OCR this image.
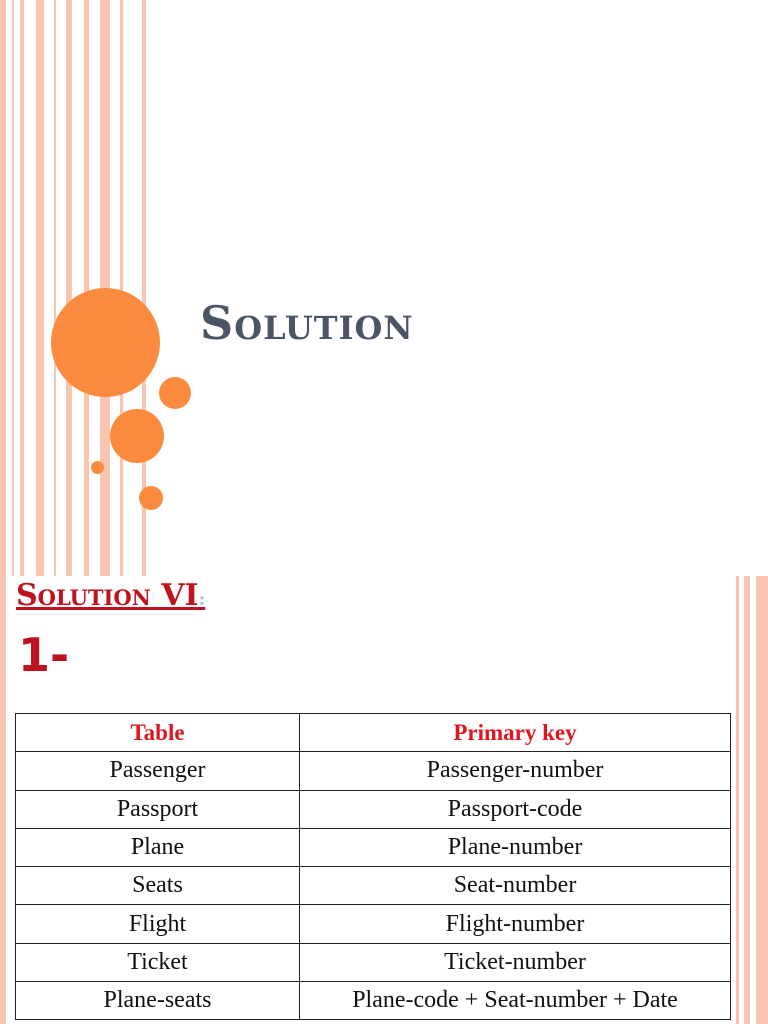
Solution
Solution VI:
1-
Table	Primary key
Passenger	Passenger-number
Passport	Passport-code
Plane	Plane-number
Seats	Seat-number
Flight	Flight-number
Ticket	Ticket-number
Plane-seats	Plane-code + Seat-number + Date
